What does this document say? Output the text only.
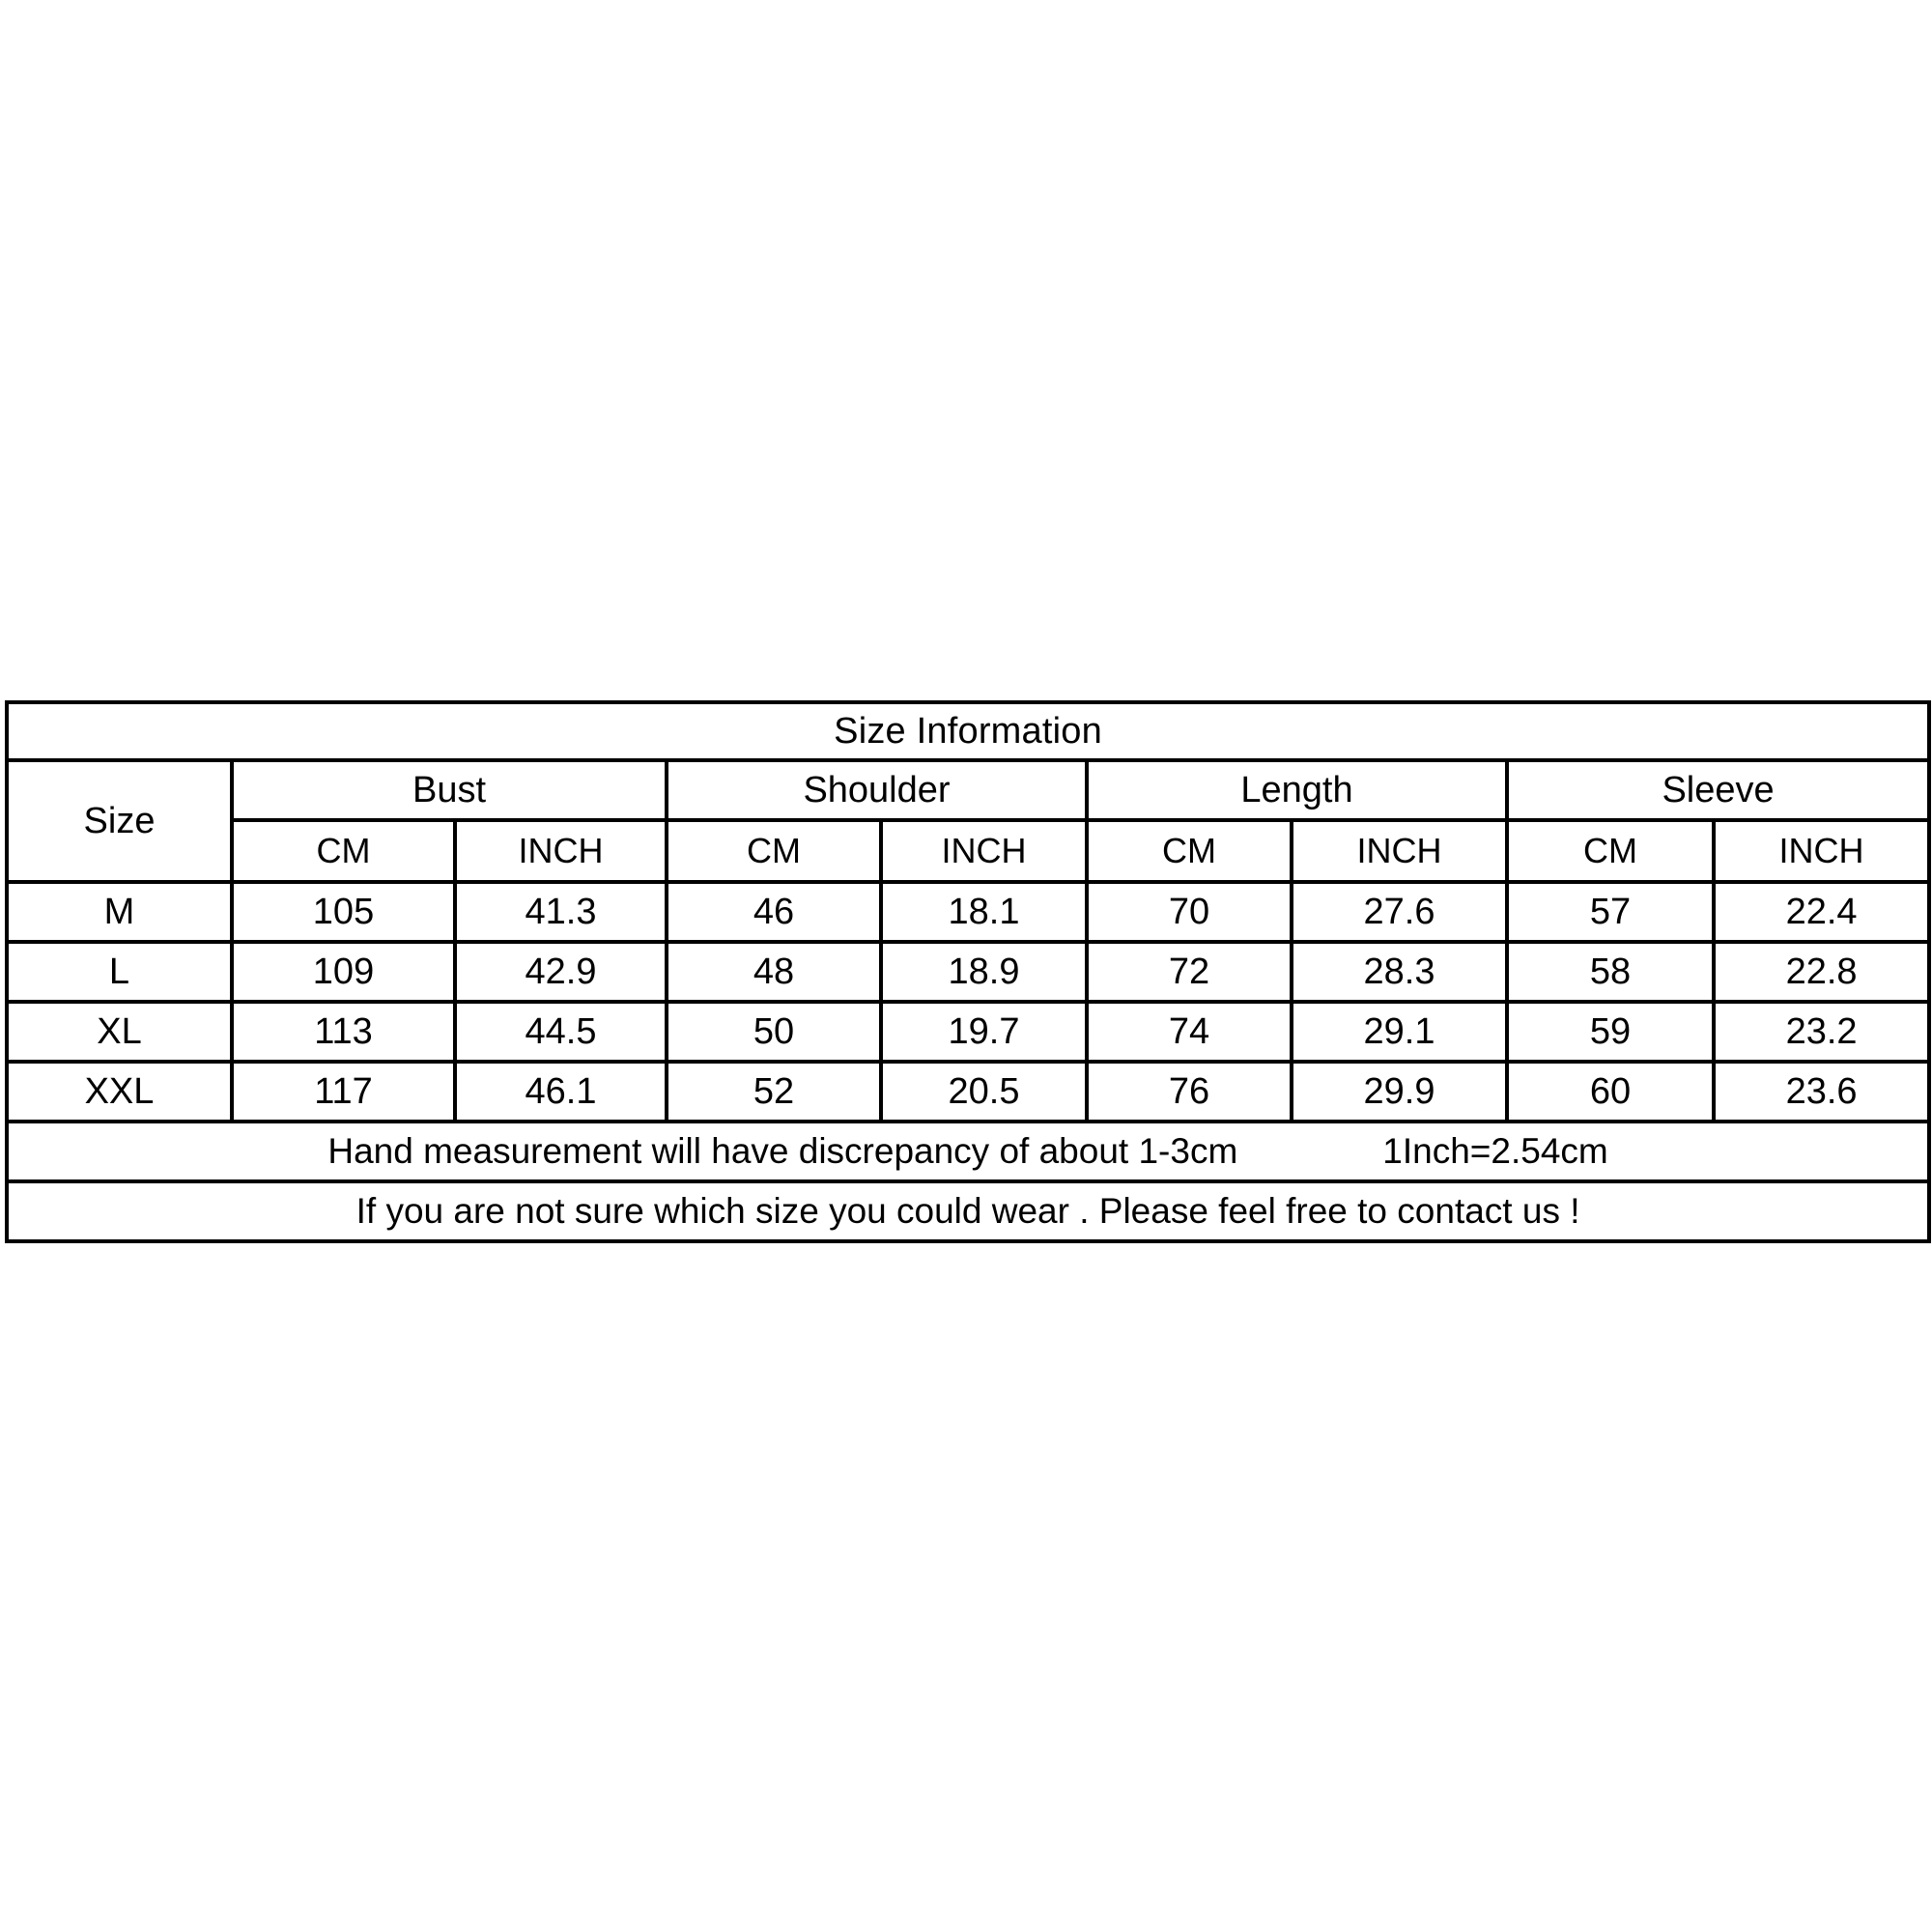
Size Information								
Size	Bust		Shoulder		Length		Sleeve	
	CM	INCH	CM	INCH	CM	INCH	CM	INCH
M	105	41.3	46	18.1	70	27.6	57	22.4
L	109	42.9	48	18.9	72	28.3	58	22.8
XL	113	44.5	50	19.7	74	29.1	59	23.2
XXL	117	46.1	52	20.5	76	29.9	60	23.6

Hand measurement will have discrepancy of about 1-3cm 1Inch=2.54cm								

If you are not sure which size you could wear . Please feel free to contact us !								
